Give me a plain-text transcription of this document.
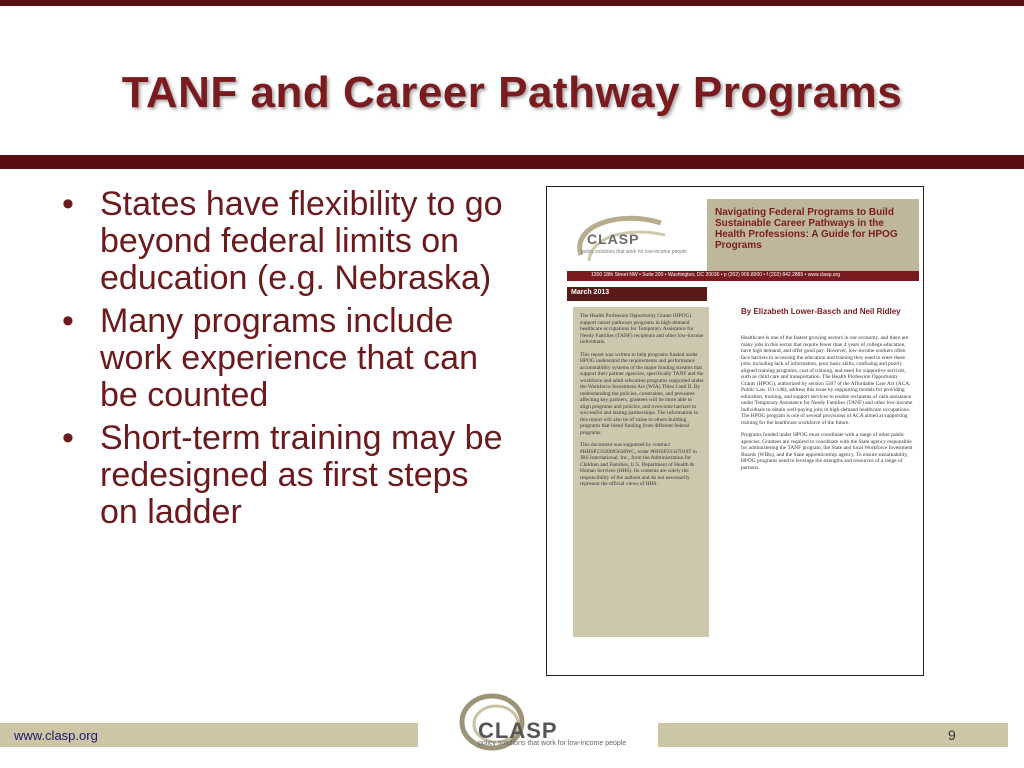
TANF and Career Pathway Programs
• States have flexibility to go beyond federal limits on education (e.g. Nebraska)
• Many programs include work experience that can be counted
• Short-term training may be redesigned as first steps on ladder
CLASP
policy solutions that work for low-income people
Navigating Federal Programs to Build Sustainable Career Pathways in the Health Professions: A Guide for HPOG Programs
1200 18th Street NW • Suite 200 • Washington, DC 20036 • p (202) 906.8000 • f (202) 842.2885 • www.clasp.org
March 2013

The Health Profession Opportunity Grants (HPOG) support career pathways programs in high-demand healthcare occupations for Temporary Assistance for Needy Families (TANF) recipients and other low-income individuals.

This report was written to help programs funded under HPOG understand the requirements and performance accountability systems of the major funding streams that support their partner agencies, specifically TANF and the workforce and adult education programs supported under the Workforce Investment Act (WIA) Titles I and II. By understanding the policies, constraints, and pressures affecting key partners, grantees will be more able to align programs and policies, and overcome barriers to successful and lasting partnerships. The information in this report will also be of value to others building programs that blend funding from different federal programs.

This document was supported by contract #HHSP23320095638WC, order #HHSP23337010T to JBS International, Inc., from the Administration for Children and Families, U.S. Department of Health & Human Services (HHS). Its contents are solely the responsibility of the authors and do not necessarily represent the official views of HHS.

By Elizabeth Lower-Basch and Neil Ridley

Healthcare is one of the fastest growing sectors in our economy, and there are many jobs in this sector that require fewer than 4 years of college education, have high demand, and offer good pay. However, low-income workers often face barriers to accessing the education and training they need to enter these jobs, including lack of information, poor basic skills, confusing and poorly aligned training programs, cost of training, and need for supportive services, such as child care and transportation. The Health Profession Opportunity Grants (HPOG), authorized by section 5507 of the Affordable Care Act (ACA; Public Law 111-148), address this issue by supporting models for providing education, training, and support services to enable recipients of cash assistance under Temporary Assistance for Needy Families (TANF) and other low-income individuals to obtain well-paying jobs in high-demand healthcare occupations. The HPOG program is one of several provisions of ACA aimed at supporting training for the healthcare workforce of the future.

Programs funded under HPOG must coordinate with a range of other public agencies. Grantees are required to coordinate with the State agency responsible for administering the TANF program, the State and local Workforce Investment Boards (WIBs), and the State apprenticeship agency. To ensure sustainability, HPOG programs need to leverage the strengths and resources of a range of partners.

www.clasp.org	9
CLASP
policy solutions that work for low-income people
